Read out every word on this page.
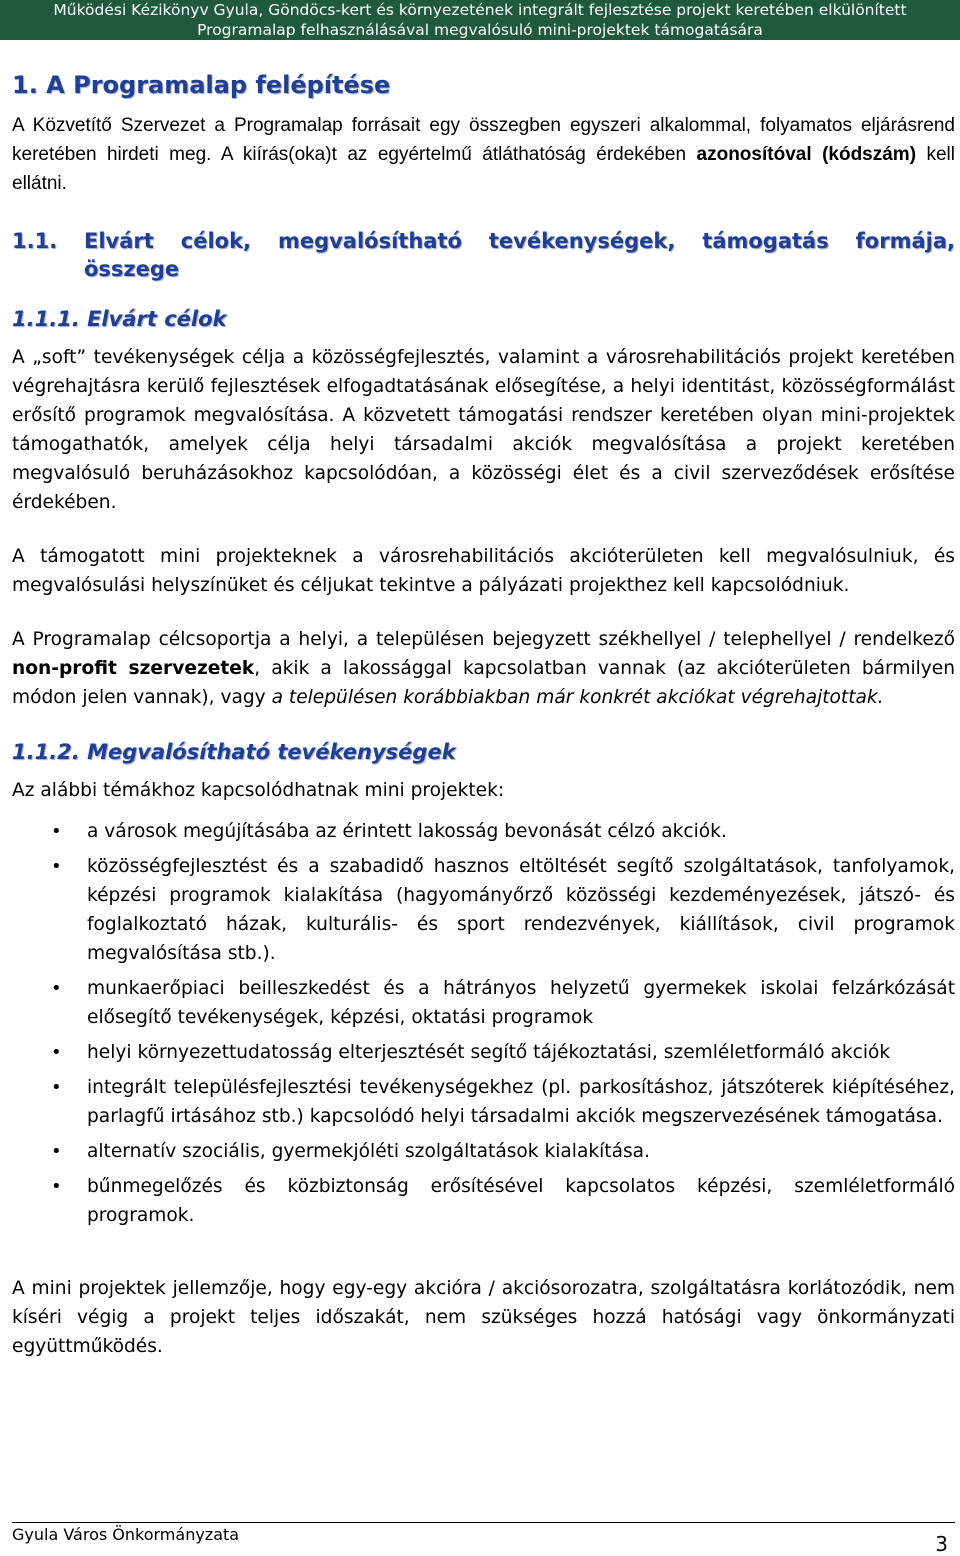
Működési Kézikönyv Gyula, Göndöcs-kert és környezetének integrált fejlesztése projekt keretében elkülönített
Programalap felhasználásával megvalósuló mini-projektek támogatására
1. A Programalap felépítése

A Közvetítő Szervezet a Programalap forrásait egy összegben egyszeri alkalommal, folyamatos eljárásrend keretében hirdeti meg. A kiírás(oka)t az egyértelmű átláthatóság érdekében azonosítóval (kódszám) kell ellátni.

1.1.	Elvárt célok, megvalósítható tevékenységek, támogatás formája, összege
1.1.1. Elvárt célok

A „soft” tevékenységek célja a közösségfejlesztés, valamint a városrehabilitációs projekt keretében végrehajtásra kerülő fejlesztések elfogadtatásának elősegítése, a helyi identitást, közösségformálást erősítő programok megvalósítása. A közvetett támogatási rendszer keretében olyan mini-projektek támogathatók, amelyek célja helyi társadalmi akciók megvalósítása a projekt keretében megvalósuló beruházásokhoz kapcsolódóan, a közösségi élet és a civil szerveződések erősítése érdekében.

A támogatott mini projekteknek a városrehabilitációs akcióterületen kell megvalósulniuk, és megvalósulási helyszínüket és céljukat tekintve a pályázati projekthez kell kapcsolódniuk.

A Programalap célcsoportja a helyi, a településen bejegyzett székhellyel / telephellyel / rendelkező non-profit szervezetek, akik a lakossággal kapcsolatban vannak (az akcióterületen bármilyen módon jelen vannak), vagy a településen korábbiakban már konkrét akciókat végrehajtottak.

1.1.2. Megvalósítható tevékenységek

Az alábbi témákhoz kapcsolódhatnak mini projektek:

• a városok megújításába az érintett lakosság bevonását célzó akciók.
• közösségfejlesztést és a szabadidő hasznos eltöltését segítő szolgáltatások, tanfolyamok, képzési programok kialakítása (hagyományőrző közösségi kezdeményezések, játszó- és foglalkoztató házak, kulturális- és sport rendezvények, kiállítások, civil programok megvalósítása stb.).
• munkaerőpiaci beilleszkedést és a hátrányos helyzetű gyermekek iskolai felzárkózását elősegítő tevékenységek, képzési, oktatási programok
• helyi környezettudatosság elterjesztését segítő tájékoztatási, szemléletformáló akciók
• integrált településfejlesztési tevékenységekhez (pl. parkosításhoz, játszóterek kiépítéséhez, parlagfű irtásához stb.) kapcsolódó helyi társadalmi akciók megszervezésének támogatása.
• alternatív szociális, gyermekjóléti szolgáltatások kialakítása.
• bűnmegelőzés és közbiztonság erősítésével kapcsolatos képzési, szemléletformáló programok.

A mini projektek jellemzője, hogy egy-egy akcióra / akciósorozatra, szolgáltatásra korlátozódik, nem kíséri végig a projekt teljes időszakát, nem szükséges hozzá hatósági vagy önkormányzati együttműködés.

Gyula Város Önkormányzata	3
